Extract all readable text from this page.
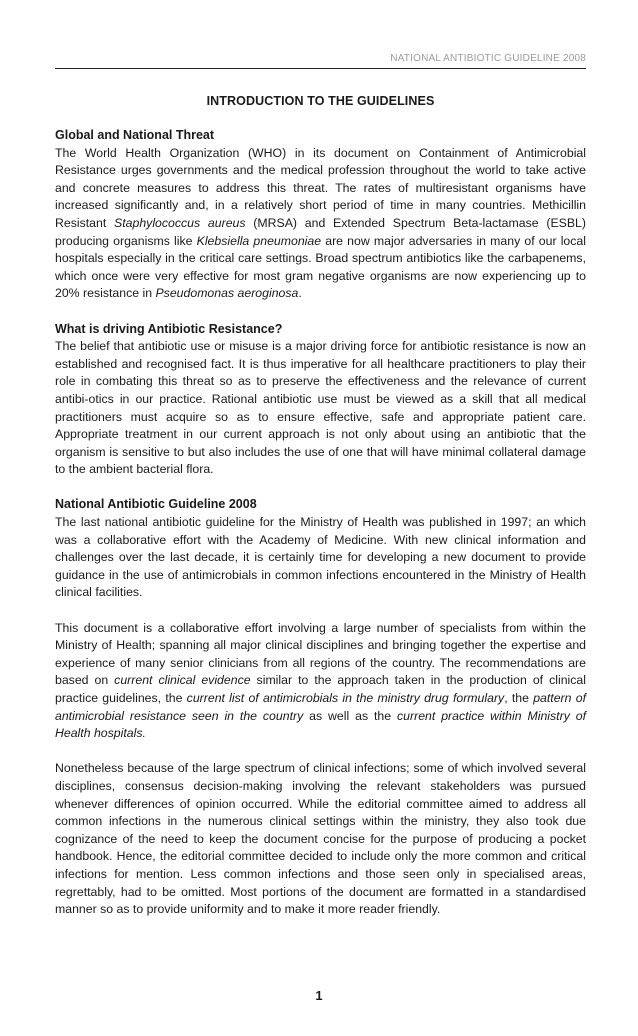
NATIONAL ANTIBIOTIC GUIDELINE 2008
INTRODUCTION TO THE GUIDELINES
Global and National Threat

The World Health Organization (WHO) in its document on Containment of Antimicrobial Resistance urges governments and the medical profession throughout the world to take active and concrete measures to address this threat. The rates of multiresistant organisms have increased significantly and, in a relatively short period of time in many countries. Methicillin Resistant Staphylococcus aureus (MRSA) and Extended Spectrum Beta-lactamase (ESBL) producing organisms like Klebsiella pneumoniae are now major adversaries in many of our local hospitals especially in the critical care settings. Broad spectrum antibiotics like the carbapenems, which once were very effective for most gram negative organisms are now experiencing up to 20% resistance in Pseudomonas aeroginosa.

What is driving Antibiotic Resistance?

The belief that antibiotic use or misuse is a major driving force for antibiotic resistance is now an established and recognised fact. It is thus imperative for all healthcare practitioners to play their role in combating this threat so as to preserve the effectiveness and the relevance of current antibi-otics in our practice. Rational antibiotic use must be viewed as a skill that all medical practitioners must acquire so as to ensure effective, safe and appropriate patient care. Appropriate treatment in our current approach is not only about using an antibiotic that the organism is sensitive to but also includes the use of one that will have minimal collateral damage to the ambient bacterial flora.

National Antibiotic Guideline 2008

The last national antibiotic guideline for the Ministry of Health was published in 1997; an which was a collaborative effort with the Academy of Medicine. With new clinical information and challenges over the last decade, it is certainly time for developing a new document to provide guidance in the use of antimicrobials in common infections encountered in the Ministry of Health clinical facilities.

This document is a collaborative effort involving a large number of specialists from within the Ministry of Health; spanning all major clinical disciplines and bringing together the expertise and experience of many senior clinicians from all regions of the country. The recommendations are based on current clinical evidence similar to the approach taken in the production of clinical practice guidelines, the current list of antimicrobials in the ministry drug formulary, the pattern of antimicrobial resistance seen in the country as well as the current practice within Ministry of Health hospitals.

Nonetheless because of the large spectrum of clinical infections; some of which involved several disciplines, consensus decision-making involving the relevant stakeholders was pursued whenever differences of opinion occurred. While the editorial committee aimed to address all common infections in the numerous clinical settings within the ministry, they also took due cognizance of the need to keep the document concise for the purpose of producing a pocket handbook. Hence, the editorial committee decided to include only the more common and critical infections for mention. Less common infections and those seen only in specialised areas, regrettably, had to be omitted. Most portions of the document are formatted in a standardised manner so as to provide uniformity and to make it more reader friendly.

1
